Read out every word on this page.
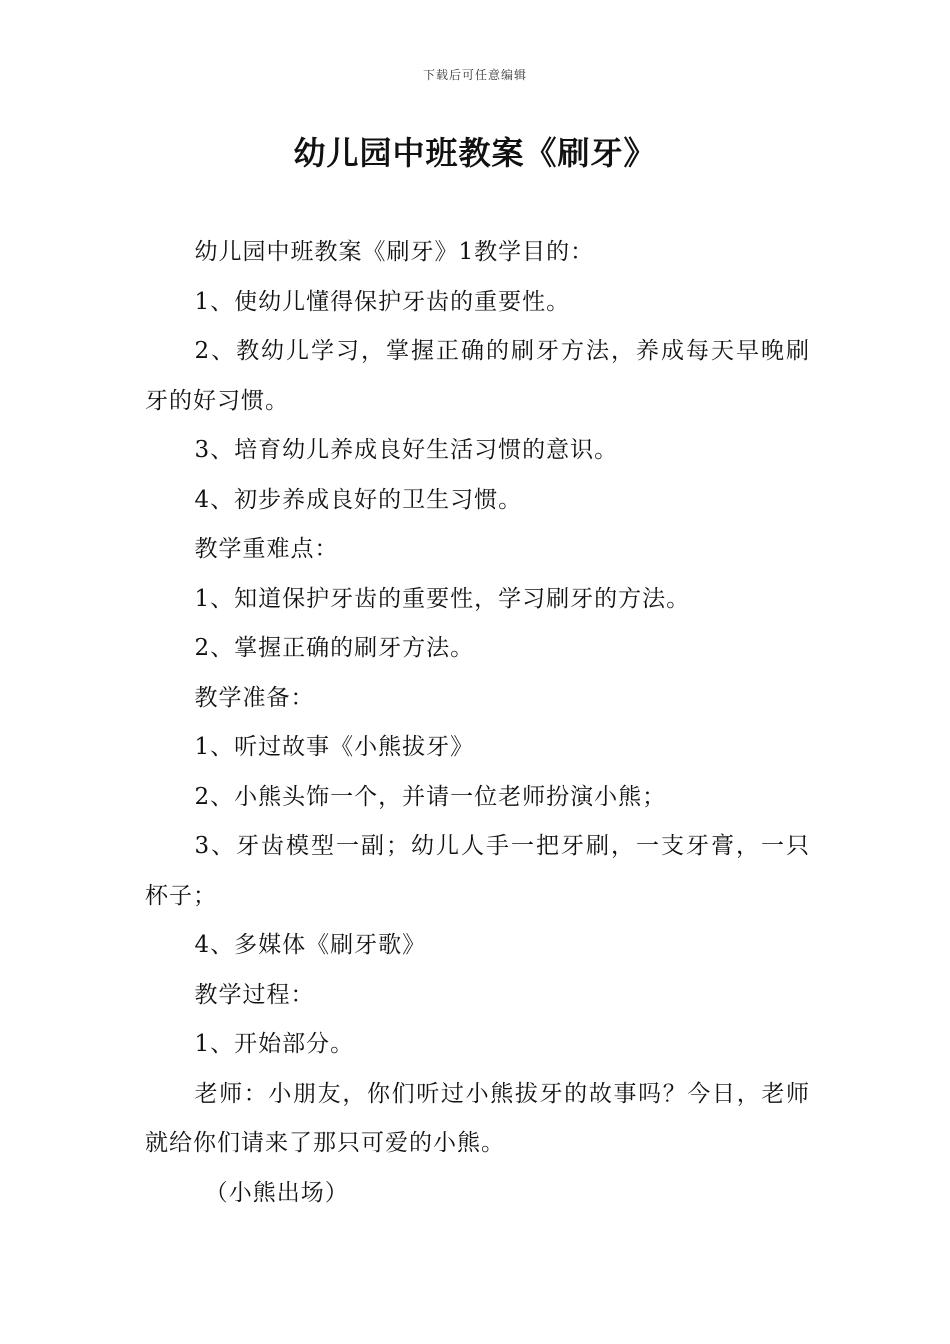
下载后可任意编辑
幼儿园中班教案《刷牙》

幼儿园中班教案《刷牙》1教学目的：

1、使幼儿懂得保护牙齿的重要性。

2、教幼儿学习，掌握正确的刷牙方法，养成每天早晚刷牙的好习惯。

3、培育幼儿养成良好生活习惯的意识。

4、初步养成良好的卫生习惯。

教学重难点：

1、知道保护牙齿的重要性，学习刷牙的方法。

2、掌握正确的刷牙方法。

教学准备：

1、听过故事《小熊拔牙》

2、小熊头饰一个，并请一位老师扮演小熊；

3、牙齿模型一副；幼儿人手一把牙刷，一支牙膏，一只杯子；

4、多媒体《刷牙歌》

教学过程：

1、开始部分。

老师：小朋友，你们听过小熊拔牙的故事吗？今日，老师就给你们请来了那只可爱的小熊。

（小熊出场）
